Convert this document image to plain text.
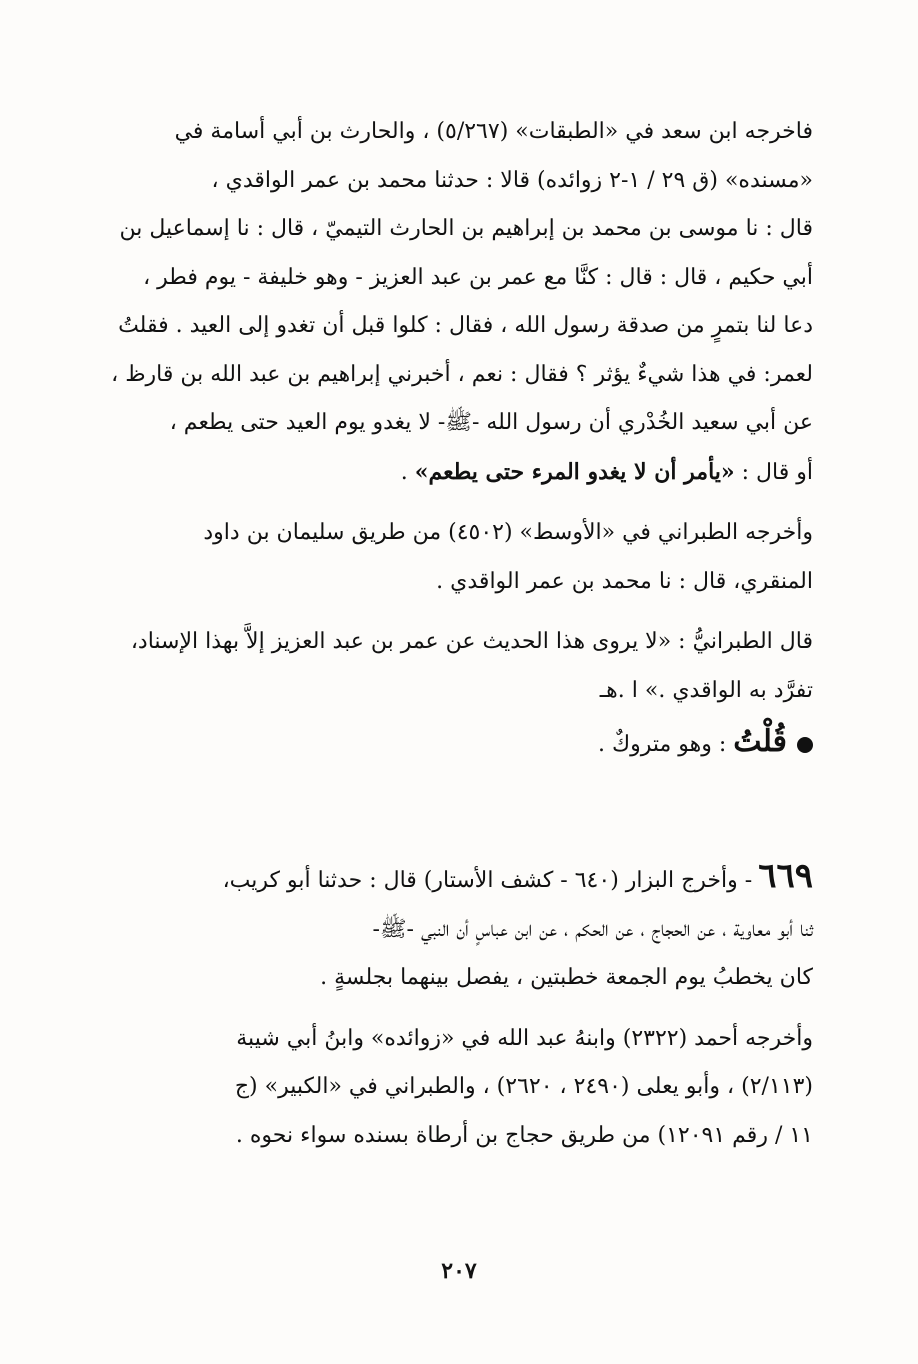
فاخرجه ابن سعد في «الطبقات» (٥/٢٦٧) ، والحارث بن أبي أسامة في
«مسنده» (ق ٢٩ / ١-٢ زوائده) قالا : حدثنا محمد بن عمر الواقدي ،
قال : نا موسى بن محمد بن إبراهيم بن الحارث التيميّ ، قال : نا إسماعيل بن
أبي حكيم ، قال : قال : كنَّا مع عمر بن عبد العزيز - وهو خليفة - يوم فطر ،
دعا لنا بتمرٍ من صدقة رسول الله ، فقال : كلوا قبل أن تغدو إلى العيد . فقلتُ
لعمر: في هذا شيءٌ يؤثر ؟ فقال : نعم ، أخبرني إبراهيم بن عبد الله بن قارظ ،
عن أبي سعيد الخُدْري أن رسول الله -ﷺ- لا يغدو يوم العيد حتى يطعم ،
أو قال : «يأمر أن لا يغدو المرء حتى يطعم» .

وأخرجه الطبراني في «الأوسط» (٤٥٠٢) من طريق سليمان بن داود
المنقري، قال : نا محمد بن عمر الواقدي .

قال الطبرانيُّ : «لا يروى هذا الحديث عن عمر بن عبد العزيز إلاَّ بهذا الإسناد،
تفرَّد به الواقدي .» ا .هـ

قُلْتُ : وهو متروكٌ .

٦٦٩- وأخرج البزار (٦٤٠ - كشف الأستار) قال : حدثنا أبو كريب،
ثنا أبو معاوية ، عن الحجاج ، عن الحكم ، عن ابن عباسٍ أن النبي -ﷺ-
كان يخطبُ يوم الجمعة خطبتين ، يفصل بينهما بجلسةٍ .

وأخرجه أحمد (٢٣٢٢) وابنهُ عبد الله في «زوائده» وابنُ أبي شيبة
(٢/١١٣) ، وأبو يعلى (٢٤٩٠ ، ٢٦٢٠) ، والطبراني في «الكبير» (ج
١١ / رقم ١٢٠٩١) من طريق حجاج بن أرطاة بسنده سواء نحوه .

٢٠٧
